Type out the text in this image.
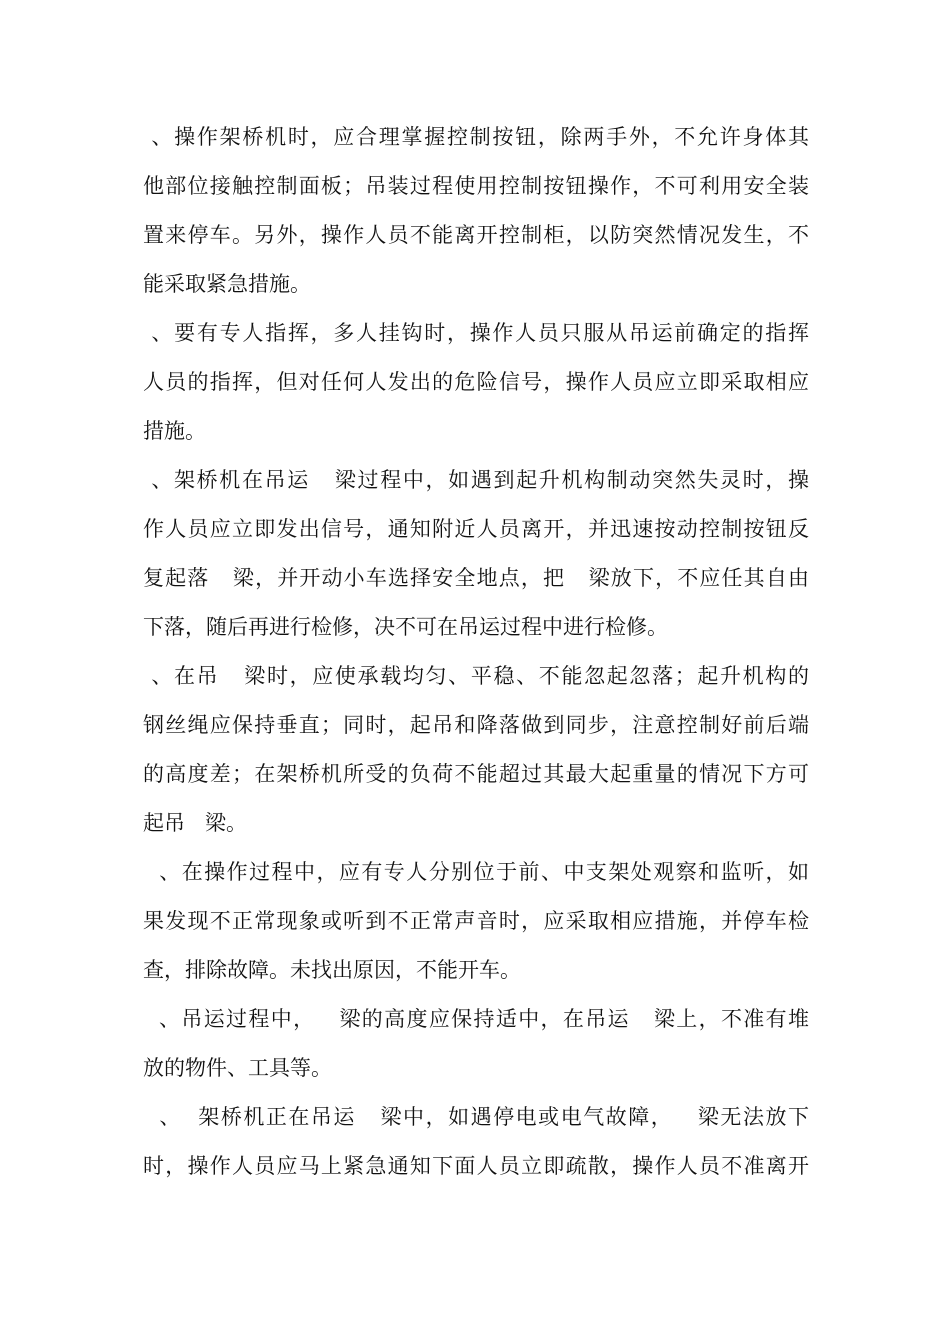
、操作架桥机时，应合理掌握控制按钮，除两手外，不允许身体其
他部位接触控制面板；吊装过程使用控制按钮操作，不可利用安全装
置来停车。另外，操作人员不能离开控制柜，以防突然情况发生，不
能采取紧急措施。
、要有专人指挥，多人挂钩时，操作人员只服从吊运前确定的指挥
人员的指挥，但对任何人发出的危险信号，操作人员应立即采取相应
措施。
、架桥机在吊运   梁过程中，如遇到起升机构制动突然失灵时，操
作人员应立即发出信号，通知附近人员离开，并迅速按动控制按钮反
复起落   梁，并开动小车选择安全地点，把   梁放下，不应任其自由
下落，随后再进行检修，决不可在吊运过程中进行检修。
、在吊   梁时，应使承载均匀、平稳、不能忽起忽落；起升机构的
钢丝绳应保持垂直；同时，起吊和降落做到同步，注意控制好前后端
的高度差；在架桥机所受的负荷不能超过其最大起重量的情况下方可
起吊   梁。
、在操作过程中，应有专人分别位于前、中支架处观察和监听，如
果发现不正常现象或听到不正常声音时，应采取相应措施，并停车检
查，排除故障。未找出原因，不能开车。
、吊运过程中，   梁的高度应保持适中，在吊运   梁上，不准有堆
放的物件、工具等。
、  架桥机正在吊运   梁中，如遇停电或电气故障，   梁无法放下
时，操作人员应马上紧急通知下面人员立即疏散，操作人员不准离开
